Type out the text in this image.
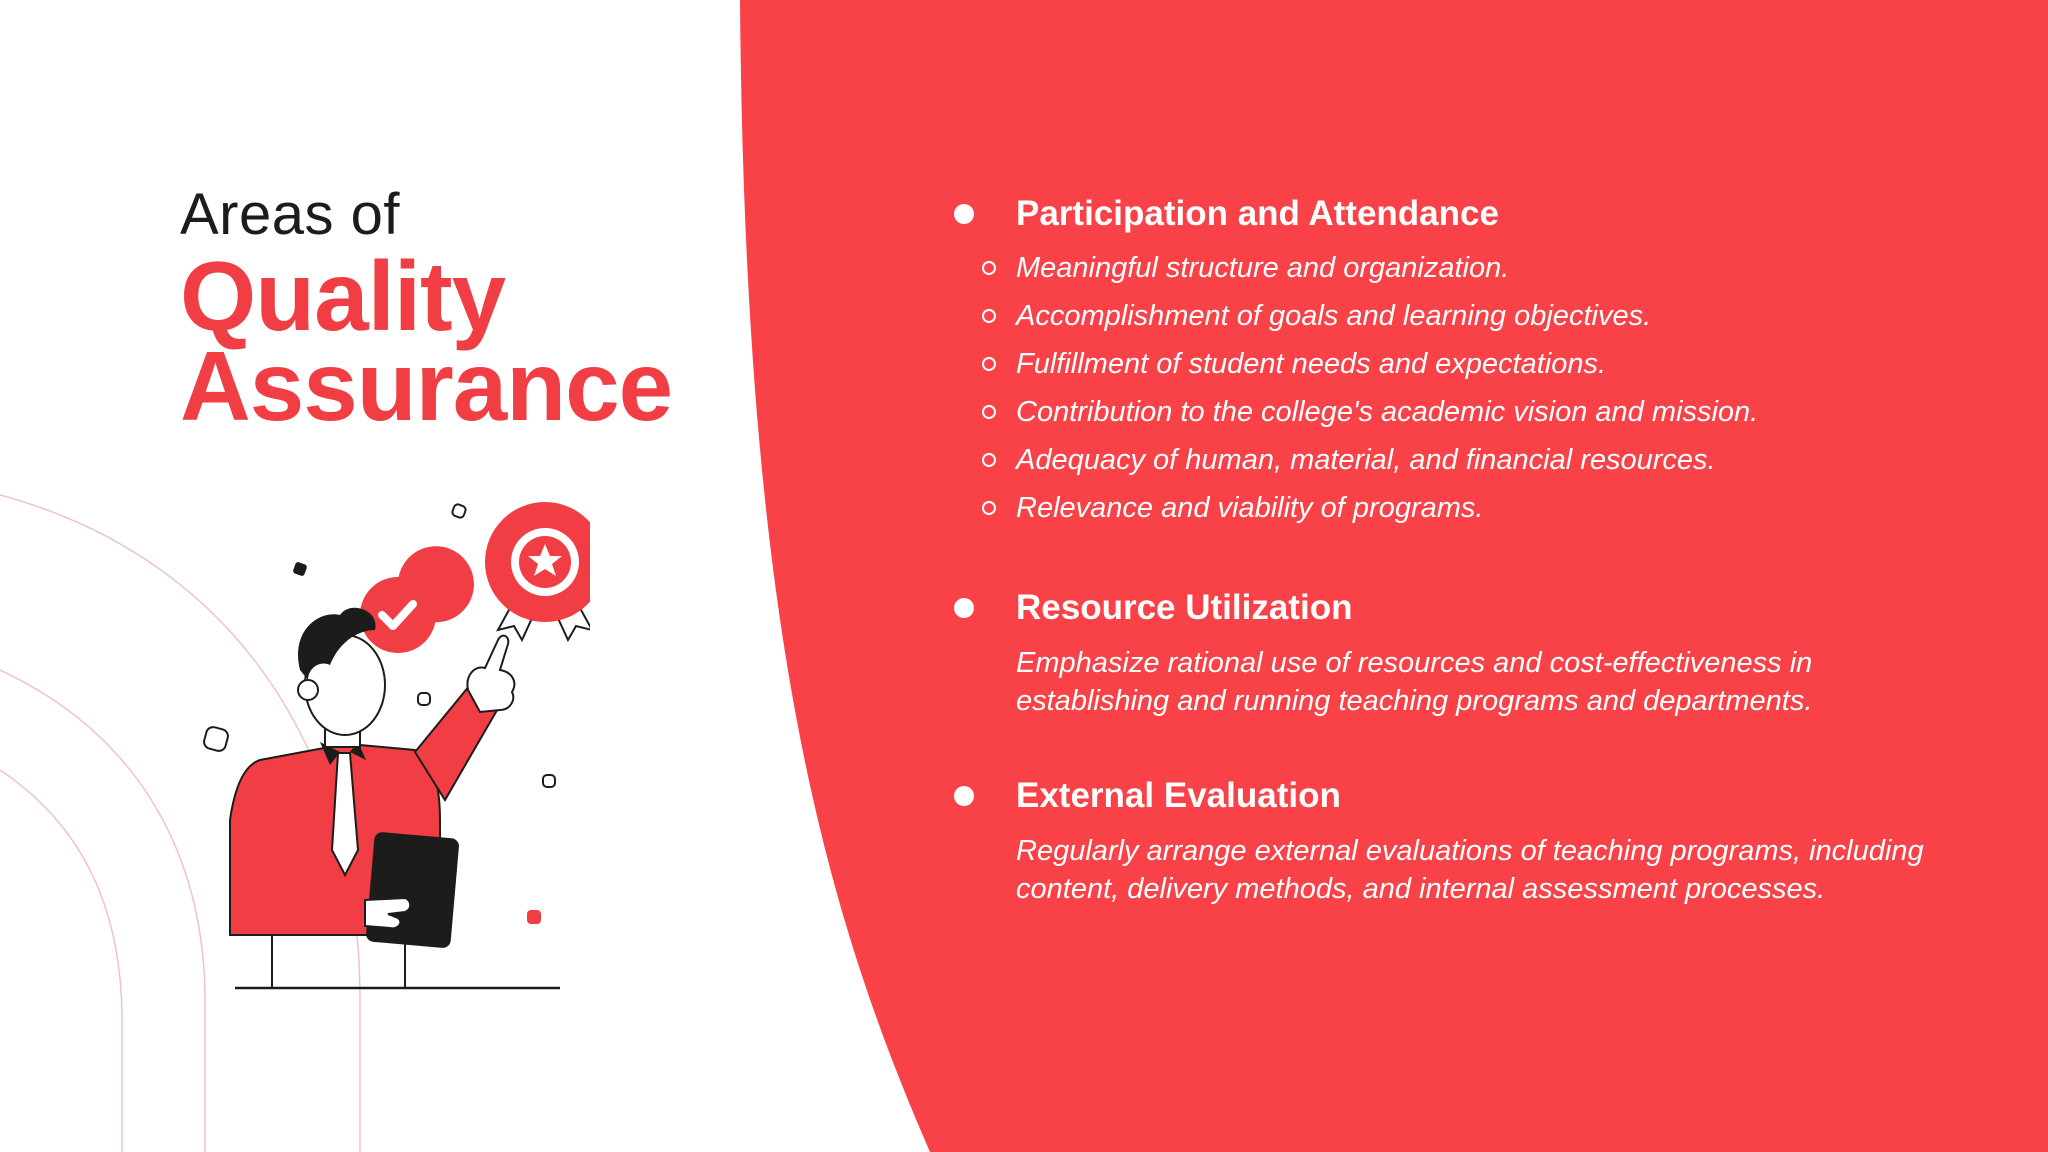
Areas of
Quality
Assurance
Participation and Attendance
Meaningful structure and organization.
Accomplishment of goals and learning objectives.
Fulfillment of student needs and expectations.
Contribution to the college's academic vision and mission.
Adequacy of human, material, and financial resources.
Relevance and viability of programs.
Resource Utilization

Emphasize rational use of resources and cost-effectiveness in establishing and running teaching programs and departments.

External Evaluation

Regularly arrange external evaluations of teaching programs, including content, delivery methods, and internal assessment processes.
